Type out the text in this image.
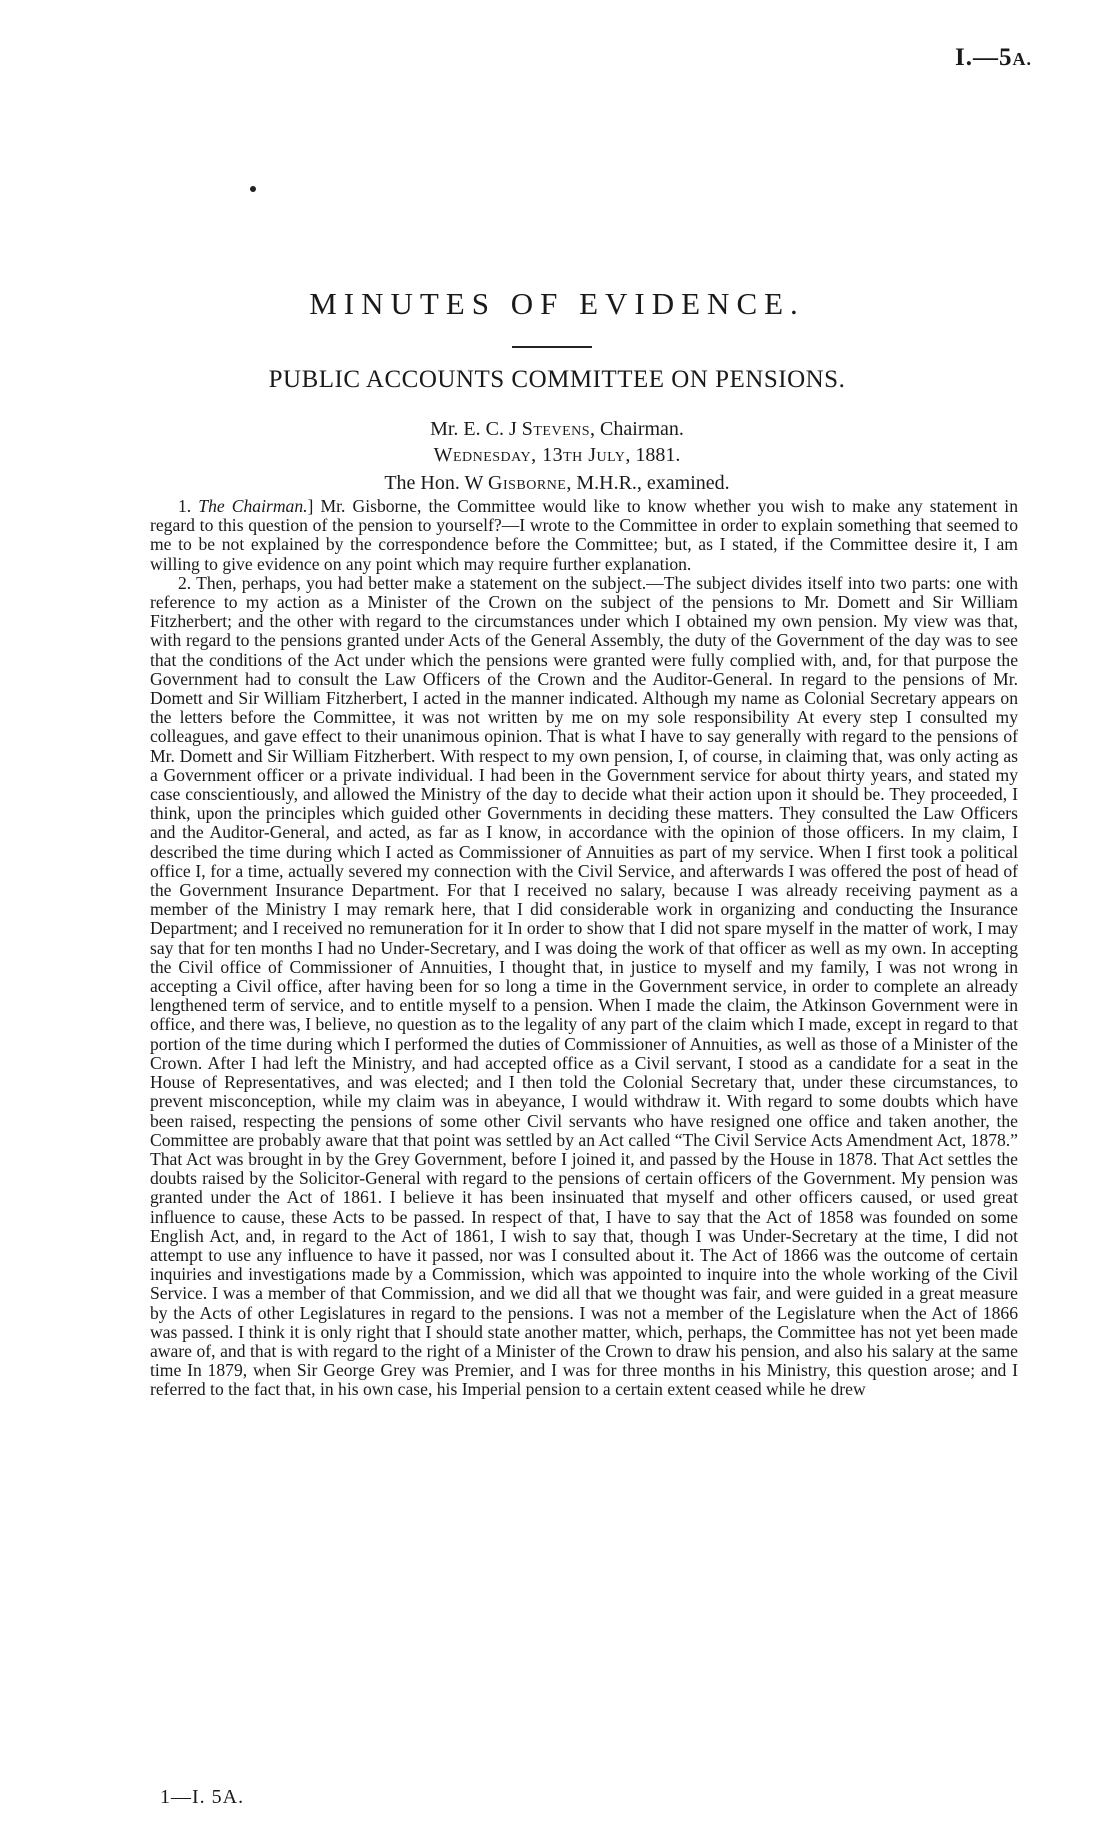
I.—5A.
MINUTES OF EVIDENCE.
PUBLIC ACCOUNTS COMMITTEE ON PENSIONS.
Mr. E. C. J Stevens, Chairman.
Wednesday, 13th July, 1881.
The Hon. W Gisborne, M.H.R., examined.

1. The Chairman.] Mr. Gisborne, the Committee would like to know whether you wish to make any statement in regard to this question of the pension to yourself?—I wrote to the Committee in order to explain something that seemed to me to be not explained by the correspondence before the Committee; but, as I stated, if the Committee desire it, I am willing to give evidence on any point which may require further explanation.

2. Then, perhaps, you had better make a statement on the subject.—The subject divides itself into two parts: one with reference to my action as a Minister of the Crown on the subject of the pensions to Mr. Domett and Sir William Fitzherbert; and the other with regard to the circumstances under which I obtained my own pension. My view was that, with regard to the pensions granted under Acts of the General Assembly, the duty of the Government of the day was to see that the conditions of the Act under which the pensions were granted were fully complied with, and, for that purpose the Government had to consult the Law Officers of the Crown and the Auditor-General. In regard to the pensions of Mr. Domett and Sir William Fitzherbert, I acted in the manner indicated. Although my name as Colonial Secretary appears on the letters before the Committee, it was not written by me on my sole responsibility At every step I consulted my colleagues, and gave effect to their unanimous opinion. That is what I have to say generally with regard to the pensions of Mr. Domett and Sir William Fitzherbert. With respect to my own pension, I, of course, in claiming that, was only acting as a Government officer or a private individual. I had been in the Government service for about thirty years, and stated my case conscientiously, and allowed the Ministry of the day to decide what their action upon it should be. They proceeded, I think, upon the principles which guided other Governments in deciding these matters. They consulted the Law Officers and the Auditor-General, and acted, as far as I know, in accordance with the opinion of those officers. In my claim, I described the time during which I acted as Commissioner of Annuities as part of my service. When I first took a political office I, for a time, actually severed my connection with the Civil Service, and afterwards I was offered the post of head of the Government Insurance Department. For that I received no salary, because I was already receiving payment as a member of the Ministry I may remark here, that I did considerable work in organizing and conducting the Insurance Department; and I received no remuneration for it In order to show that I did not spare myself in the matter of work, I may say that for ten months I had no Under-Secretary, and I was doing the work of that officer as well as my own. In accepting the Civil office of Commissioner of Annuities, I thought that, in justice to myself and my family, I was not wrong in accepting a Civil office, after having been for so long a time in the Government service, in order to complete an already lengthened term of service, and to entitle myself to a pension. When I made the claim, the Atkinson Government were in office, and there was, I believe, no question as to the legality of any part of the claim which I made, except in regard to that portion of the time during which I performed the duties of Commissioner of Annuities, as well as those of a Minister of the Crown. After I had left the Ministry, and had accepted office as a Civil servant, I stood as a candidate for a seat in the House of Representatives, and was elected; and I then told the Colonial Secretary that, under these circumstances, to prevent misconception, while my claim was in abeyance, I would withdraw it. With regard to some doubts which have been raised, respecting the pensions of some other Civil servants who have resigned one office and taken another, the Committee are probably aware that that point was settled by an Act called “The Civil Service Acts Amendment Act, 1878.” That Act was brought in by the Grey Government, before I joined it, and passed by the House in 1878. That Act settles the doubts raised by the Solicitor-General with regard to the pensions of certain officers of the Government. My pension was granted under the Act of 1861. I believe it has been insinuated that myself and other officers caused, or used great influence to cause, these Acts to be passed. In respect of that, I have to say that the Act of 1858 was founded on some English Act, and, in regard to the Act of 1861, I wish to say that, though I was Under-Secretary at the time, I did not attempt to use any influence to have it passed, nor was I consulted about it. The Act of 1866 was the outcome of certain inquiries and investigations made by a Commission, which was appointed to inquire into the whole working of the Civil Service. I was a member of that Commission, and we did all that we thought was fair, and were guided in a great measure by the Acts of other Legislatures in regard to the pensions. I was not a member of the Legislature when the Act of 1866 was passed. I think it is only right that I should state another matter, which, perhaps, the Committee has not yet been made aware of, and that is with regard to the right of a Minister of the Crown to draw his pension, and also his salary at the same time In 1879, when Sir George Grey was Premier, and I was for three months in his Ministry, this question arose; and I referred to the fact that, in his own case, his Imperial pension to a certain extent ceased while he drew

1—I. 5A.
